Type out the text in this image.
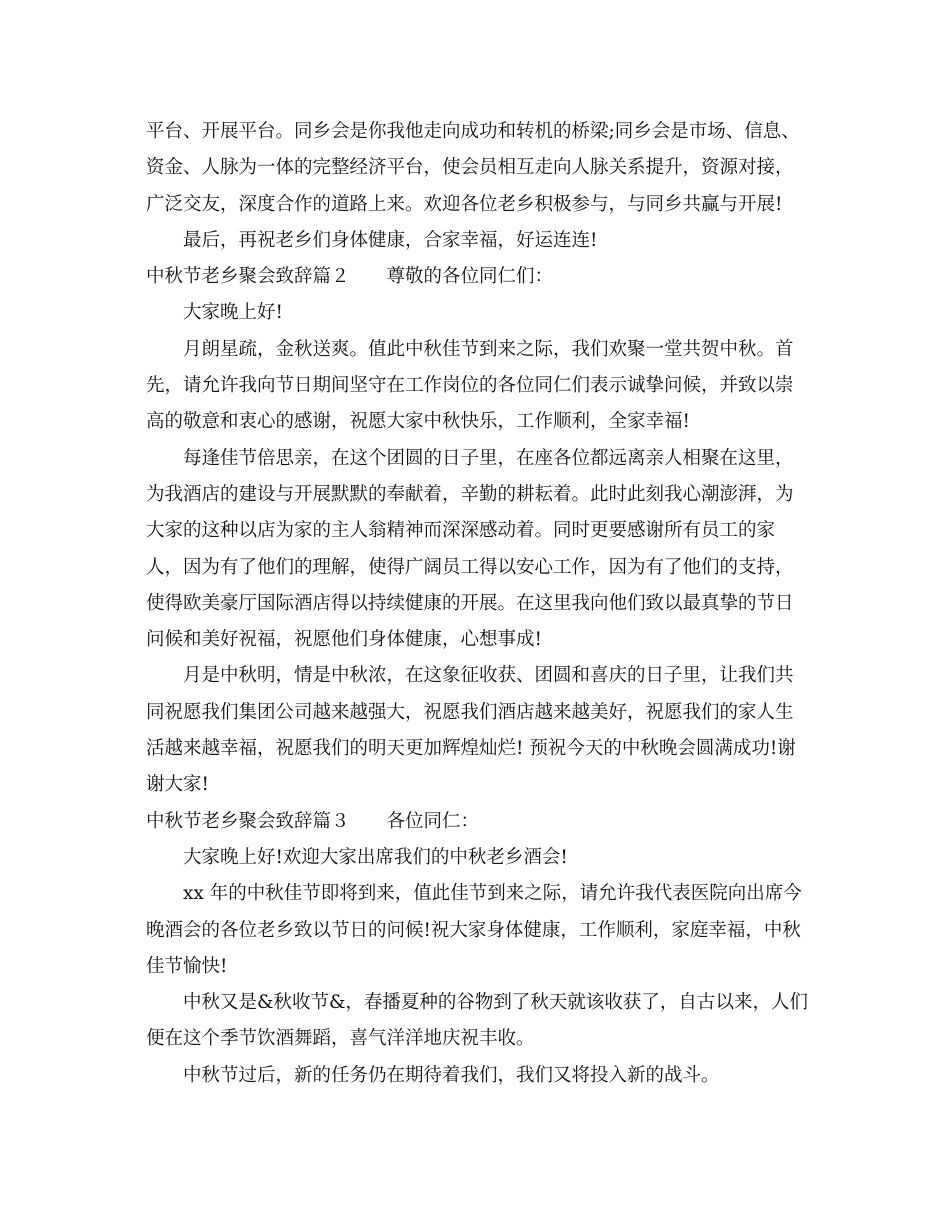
平台、开展平台。同乡会是你我他走向成功和转机的桥梁;同乡会是市场、信息、
资金、人脉为一体的完整经济平台，使会员相互走向人脉关系提升，资源对接，
广泛交友，深度合作的道路上来。欢迎各位老乡积极参与，与同乡共赢与开展!
最后，再祝老乡们身体健康，合家幸福，好运连连!
中秋节老乡聚会致辞篇２ 尊敬的各位同仁们：
大家晚上好!
月朗星疏，金秋送爽。值此中秋佳节到来之际，我们欢聚一堂共贺中秋。首
先，请允许我向节日期间坚守在工作岗位的各位同仁们表示诚挚问候，并致以崇
高的敬意和衷心的感谢，祝愿大家中秋快乐，工作顺利，全家幸福!
每逢佳节倍思亲，在这个团圆的日子里，在座各位都远离亲人相聚在这里，
为我酒店的建设与开展默默的奉献着，辛勤的耕耘着。此时此刻我心潮澎湃，为
大家的这种以店为家的主人翁精神而深深感动着。同时更要感谢所有员工的家
人，因为有了他们的理解，使得广阔员工得以安心工作，因为有了他们的支持，
使得欧美豪厅国际酒店得以持续健康的开展。在这里我向他们致以最真挚的节日
问候和美好祝福，祝愿他们身体健康，心想事成!
月是中秋明，情是中秋浓，在这象征收获、团圆和喜庆的日子里，让我们共
同祝愿我们集团公司越来越强大，祝愿我们酒店越来越美好，祝愿我们的家人生
活越来越幸福，祝愿我们的明天更加辉煌灿烂! 预祝今天的中秋晚会圆满成功!谢
谢大家!
中秋节老乡聚会致辞篇３ 各位同仁：
大家晚上好!欢迎大家出席我们的中秋老乡酒会!
xx 年的中秋佳节即将到来，值此佳节到来之际，请允许我代表医院向出席今
晚酒会的各位老乡致以节日的问候!祝大家身体健康，工作顺利，家庭幸福，中秋
佳节愉快!
中秋又是&秋收节&，春播夏种的谷物到了秋天就该收获了，自古以来，人们
便在这个季节饮酒舞蹈，喜气洋洋地庆祝丰收。
中秋节过后，新的任务仍在期待着我们，我们又将投入新的战斗。
